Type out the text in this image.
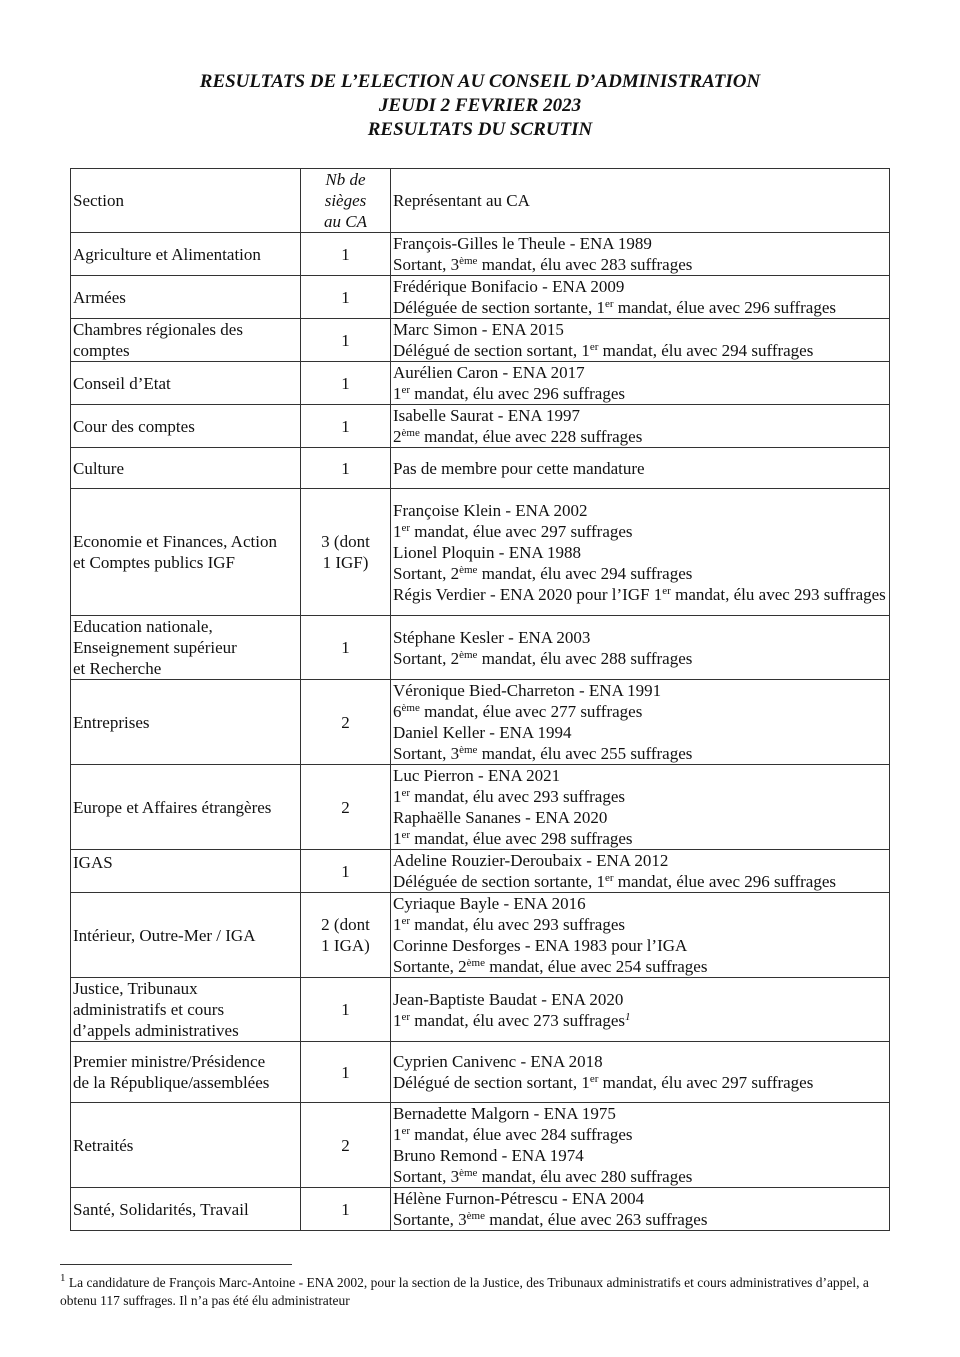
RESULTATS DE L’ELECTION AU CONSEIL D’ADMINISTRATION
JEUDI 2 FEVRIER 2023
RESULTATS DU SCRUTIN
Section	Nb de
sièges
au CA	Représentant au CA

Agriculture et Alimentation	1	François-Gilles le Theule - ENA 1989
Sortant, 3ème mandat, élu avec 283 suffrages

Armées	1	Frédérique Bonifacio - ENA 2009
Déléguée de section sortante, 1er mandat, élue avec 296 suffrages

Chambres régionales des
comptes	1	Marc Simon - ENA 2015
Délégué de section sortant, 1er mandat, élu avec 294 suffrages

Conseil d’Etat	1	Aurélien Caron - ENA 2017
1er mandat, élu avec 296 suffrages

Cour des comptes	1	Isabelle Saurat - ENA 1997
2ème mandat, élue avec 228 suffrages

Culture	1	Pas de membre pour cette mandature

Economie et Finances, Action
et Comptes publics IGF	3 (dont
1 IGF)	Françoise Klein - ENA 2002
1er mandat, élue avec 297 suffrages
Lionel Ploquin - ENA 1988
Sortant, 2ème mandat, élu avec 294 suffrages
Régis Verdier - ENA 2020 pour l’IGF 1er mandat, élu avec 293 suffrages

Education nationale,
Enseignement supérieur
et Recherche	1	Stéphane Kesler - ENA 2003
Sortant, 2ème mandat, élu avec 288 suffrages

Entreprises	2	Véronique Bied-Charreton - ENA 1991
6ème mandat, élue avec 277 suffrages
Daniel Keller - ENA 1994
Sortant, 3ème mandat, élu avec 255 suffrages

Europe et Affaires étrangères	2	Luc Pierron - ENA 2021
1er mandat, élu avec 293 suffrages
Raphaëlle Sananes - ENA 2020
1er mandat, élue avec 298 suffrages

IGAS	1	Adeline Rouzier-Deroubaix - ENA 2012
Déléguée de section sortante, 1er mandat, élue avec 296 suffrages

Intérieur, Outre-Mer / IGA	2 (dont
1 IGA)	Cyriaque Bayle - ENA 2016
1er mandat, élu avec 293 suffrages
Corinne Desforges - ENA 1983 pour l’IGA
Sortante, 2ème mandat, élue avec 254 suffrages

Justice, Tribunaux
administratifs et cours
d’appels administratives	1	Jean-Baptiste Baudat - ENA 2020
1er mandat, élu avec 273 suffrages$^1$

Premier ministre/Présidence
de la République/assemblées	1	Cyprien Canivenc - ENA 2018
Délégué de section sortant, 1er mandat, élu avec 297 suffrages

Retraités	2	Bernadette Malgorn - ENA 1975
1er mandat, élue avec 284 suffrages
Bruno Remond - ENA 1974
Sortant, 3ème mandat, élu avec 280 suffrages

Santé, Solidarités, Travail	1	Hélène Furnon-Pétrescu - ENA 2004
Sortante, 3ème mandat, élue avec 263 suffrages
$^1$ La candidature de François Marc-Antoine - ENA 2002, pour la section de la Justice, des Tribunaux administratifs et cours administratives d’appel, a obtenu 117 suffrages. Il n’a pas été élu administrateur
